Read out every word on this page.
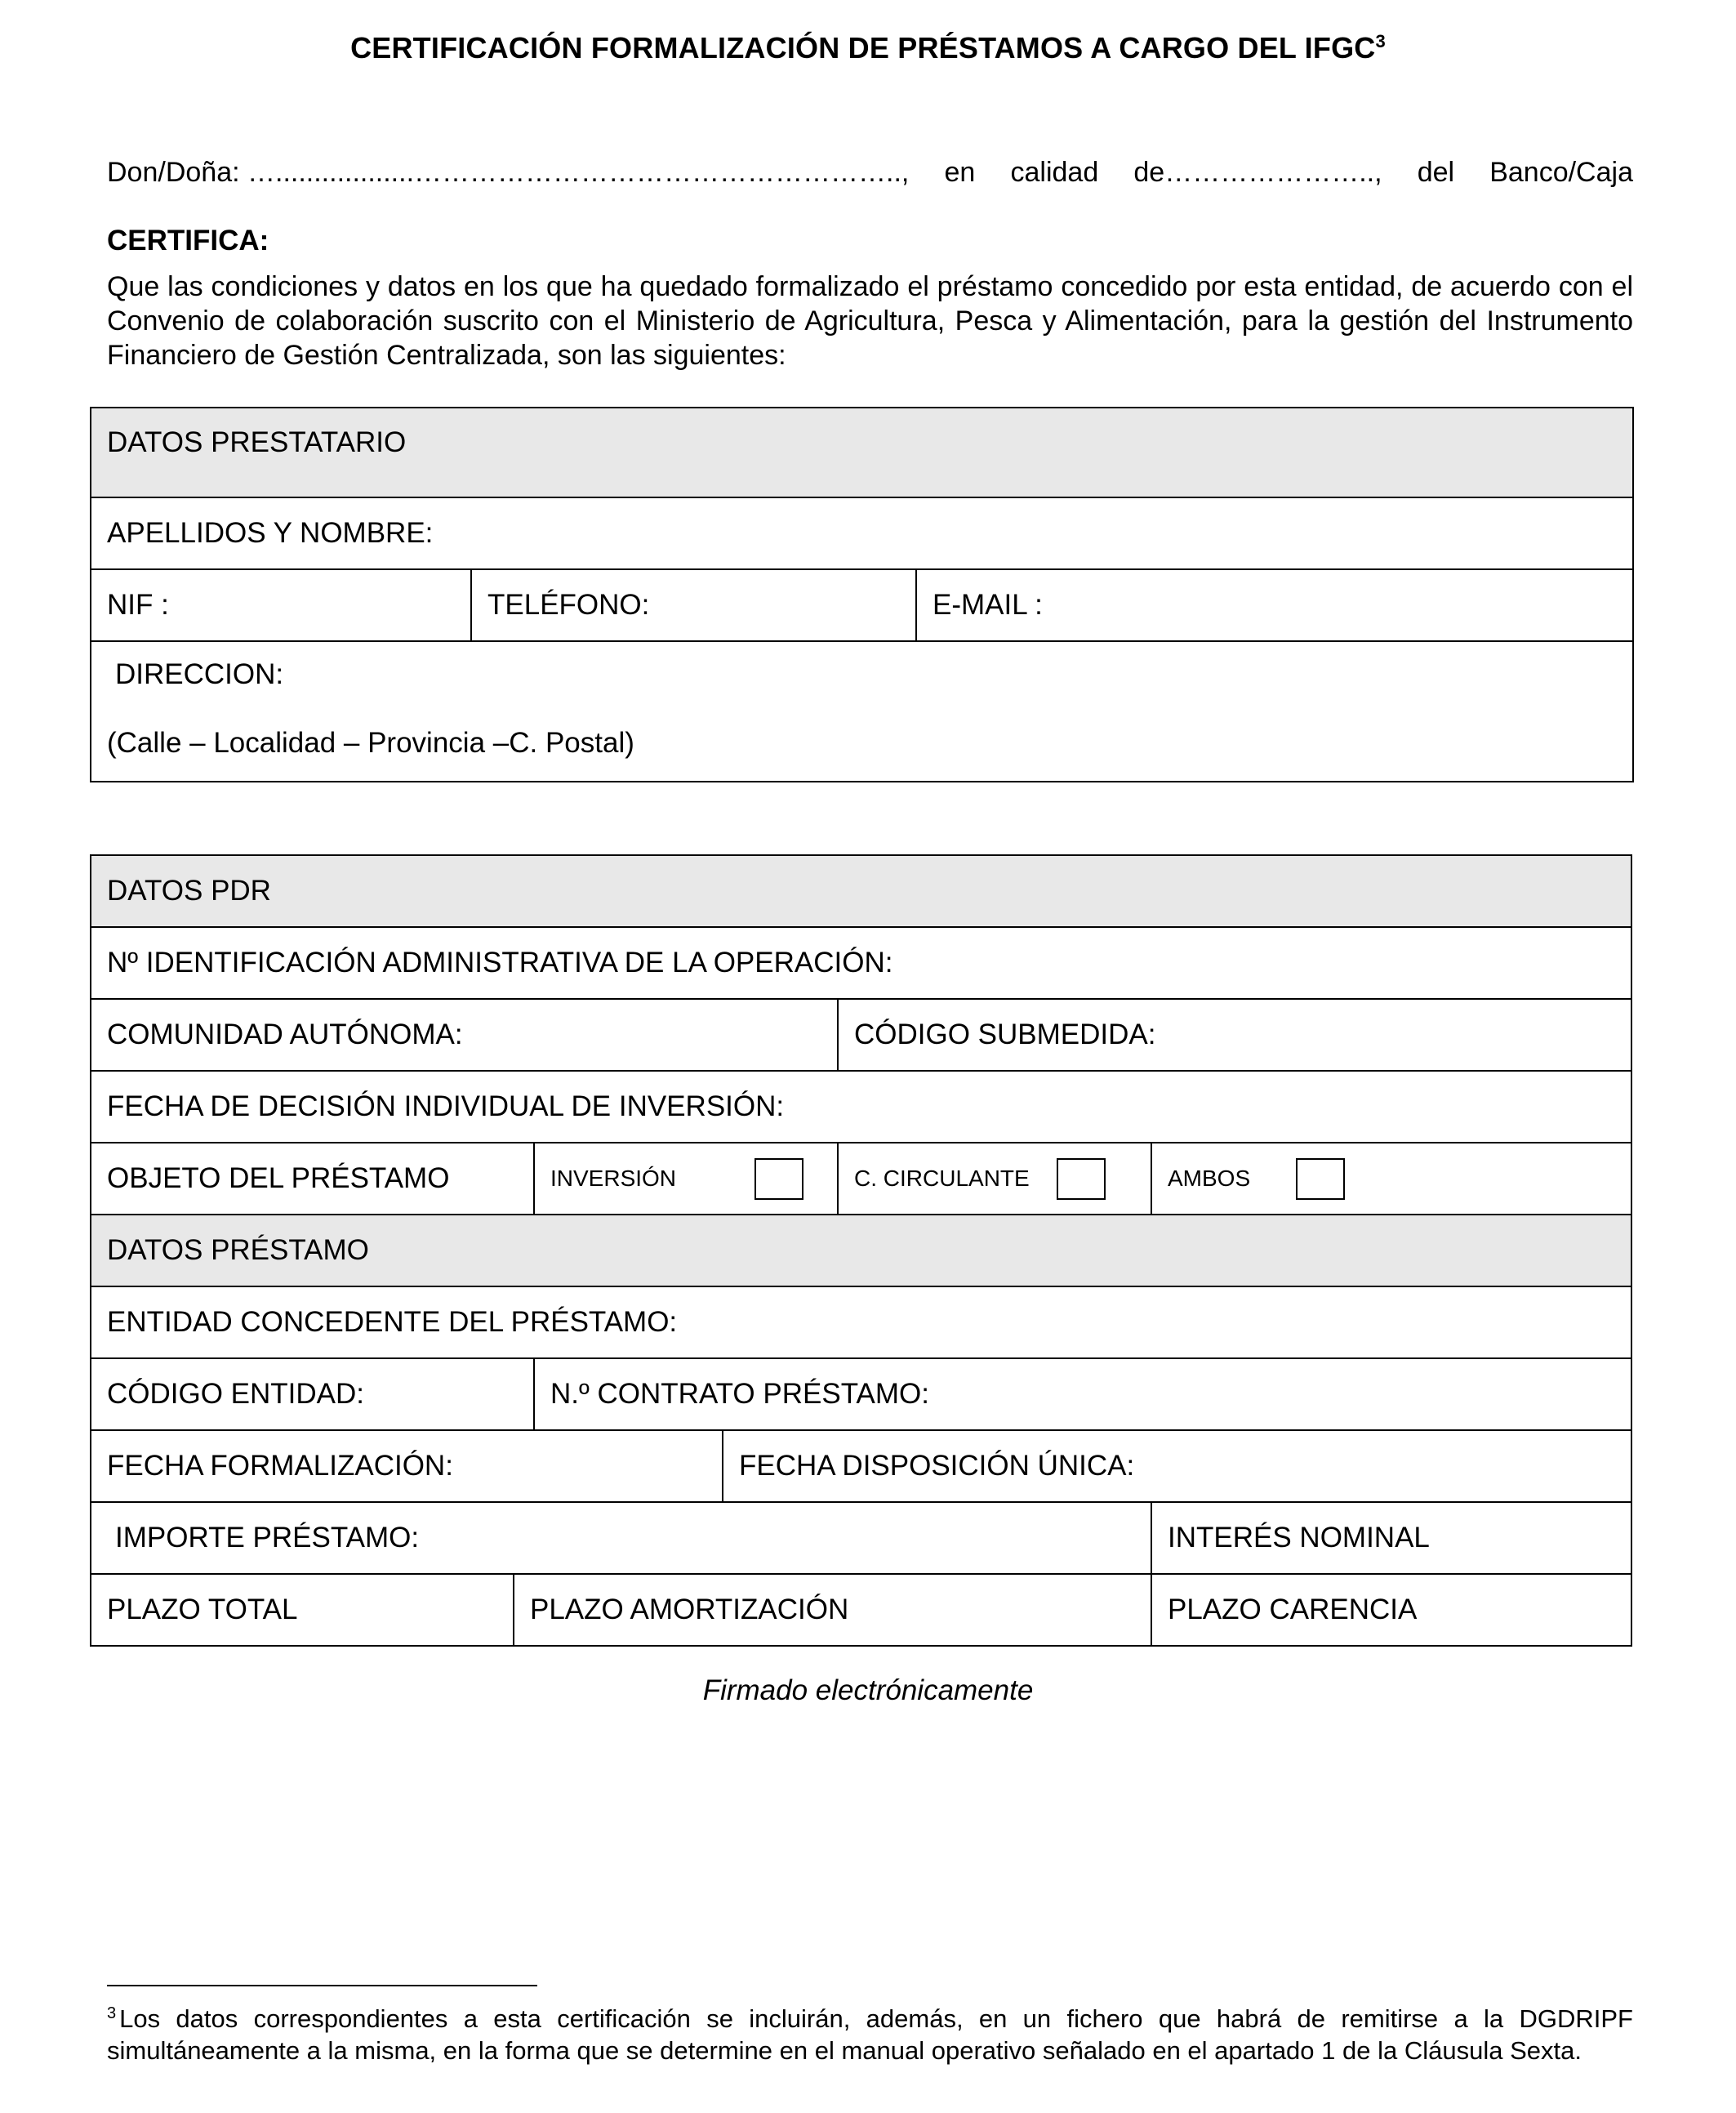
CERTIFICACIÓN FORMALIZACIÓN DE PRÉSTAMOS A CARGO DEL IFGC$^3$
Don/Doña: …..................…………………………………………….., en calidad de………………….., del Banco/Caja
CERTIFICA:
Que las condiciones y datos en los que ha quedado formalizado el préstamo concedido por esta entidad, de acuerdo con el Convenio de colaboración suscrito con el Ministerio de Agricultura, Pesca y Alimentación, para la gestión del Instrumento Financiero de Gestión Centralizada, son las siguientes:
DATOS PRESTATARIO
APELLIDOS Y NOMBRE:
NIF :	TELÉFONO:	E-MAIL :

DIRECCION:
(Calle – Localidad – Provincia –C. Postal)
DATOS PDR					
Nº IDENTIFICACIÓN ADMINISTRATIVA DE LA OPERACIÓN:					
COMUNIDAD AUTÓNOMA:				CÓDIGO SUBMEDIDA:	
FECHA DE DECISIÓN INDIVIDUAL DE INVERSIÓN:					
OBJETO DEL PRÉSTAMO		INVERSIÓN		C. CIRCULANTE	AMBOS

DATOS PRÉSTAMO					
ENTIDAD CONCEDENTE DEL PRÉSTAMO:					
CÓDIGO ENTIDAD:		N.º CONTRATO PRÉSTAMO:			
FECHA FORMALIZACIÓN:			FECHA DISPOSICIÓN ÚNICA:		
IMPORTE PRÉSTAMO:					INTERÉS NOMINAL
PLAZO TOTAL	PLAZO AMORTIZACIÓN				PLAZO CARENCIA
Firmado electrónicamente
$^3$ Los datos correspondientes a esta certificación se incluirán, además, en un fichero que habrá de remitirse a la DGDRIPF simultáneamente a la misma, en la forma que se determine en el manual operativo señalado en el apartado 1 de la Cláusula Sexta.
